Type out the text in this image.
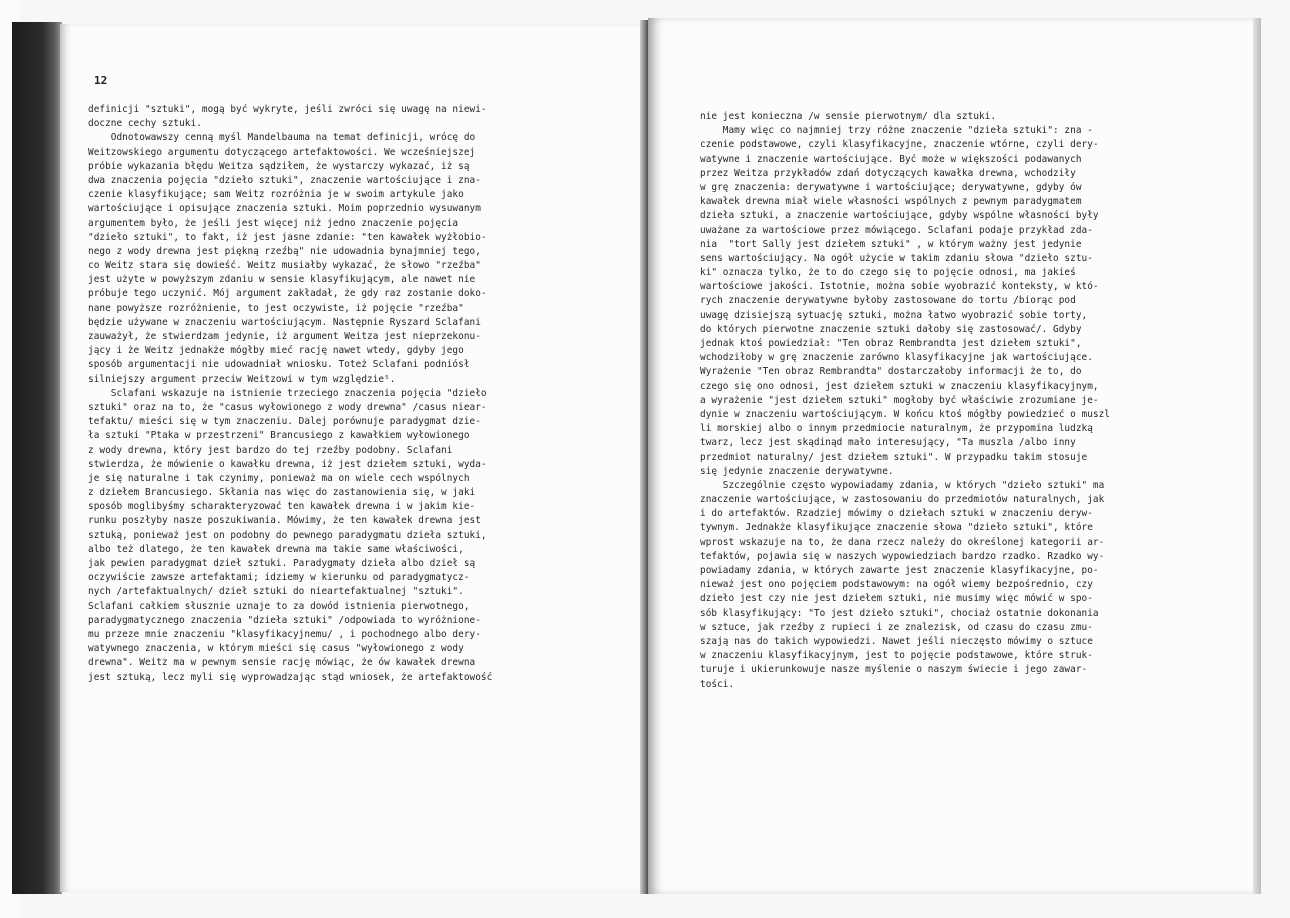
12
definicji "sztuki", mogą być wykryte, jeśli zwróci się uwagę na niewi-
doczne cechy sztuki.
Odnotowawszy cenną myśl Mandelbauma na temat definicji, wrócę do
Weitzowskiego argumentu dotyczącego artefaktowości. We wcześniejszej
próbie wykazania błędu Weitza sądziłem, że wystarczy wykazać, iż są
dwa znaczenia pojęcia "dzieło sztuki", znaczenie wartościujące i zna-
czenie klasyfikujące; sam Weitz rozróżnia je w swoim artykule jako
wartościujące i opisujące znaczenia sztuki. Moim poprzednio wysuwanym
argumentem było, że jeśli jest więcej niż jedno znaczenie pojęcia
"dzieło sztuki", to fakt, iż jest jasne zdanie: "ten kawałek wyżłobio-
nego z wody drewna jest piękną rzeźbą" nie udowadnia bynajmniej tego,
co Weitz stara się dowieść. Weitz musiałby wykazać, że słowo "rzeźba"
jest użyte w powyższym zdaniu w sensie klasyfikującym, ale nawet nie
próbuje tego uczynić. Mój argument zakładał, że gdy raz zostanie doko-
nane powyższe rozróżnienie, to jest oczywiste, iż pojęcie "rzeźba"
będzie używane w znaczeniu wartościującym. Następnie Ryszard Sclafani
zauważył, że stwierdzam jedynie, iż argument Weitza jest nieprzekonu-
jący i że Weitz jednakże mógłby mieć rację nawet wtedy, gdyby jego
sposób argumentacji nie udowadniał wniosku. Toteż Sclafani podniósł
silniejszy argument przeciw Weitzowi w tym względzie⁵.
Sclafani wskazuje na istnienie trzeciego znaczenia pojęcia "dzieło
sztuki" oraz na to, że "casus wyłowionego z wody drewna" /casus niear-
tefaktu/ mieści się w tym znaczeniu. Dalej porównuje paradygmat dzie-
ła sztuki "Ptaka w przestrzeni" Brancusiego z kawałkiem wyłowionego
z wody drewna, który jest bardzo do tej rzeźby podobny. Sclafani
stwierdza, że mówienie o kawałku drewna, iż jest dziełem sztuki, wyda-
je się naturalne i tak czynimy, ponieważ ma on wiele cech wspólnych
z dziełem Brancusiego. Skłania nas więc do zastanowienia się, w jaki
sposób moglibyśmy scharakteryzować ten kawałek drewna i w jakim kie-
runku poszłyby nasze poszukiwania. Mówimy, że ten kawałek drewna jest
sztuką, ponieważ jest on podobny do pewnego paradygmatu dzieła sztuki,
albo też dlatego, że ten kawałek drewna ma takie same właściwości,
jak pewien paradygmat dzieł sztuki. Paradygmaty dzieła albo dzieł są
oczywiście zawsze artefaktami; idziemy w kierunku od paradygmatycz-
nych /artefaktualnych/ dzieł sztuki do nieartefaktualnej "sztuki".
Sclafani całkiem słusznie uznaje to za dowód istnienia pierwotnego,
paradygmatycznego znaczenia "dzieła sztuki" /odpowiada to wyróżnione-
mu przeze mnie znaczeniu "klasyfikacyjnemu/ , i pochodnego albo dery-
watywnego znaczenia, w którym mieści się casus "wyłowionego z wody
drewna". Weitz ma w pewnym sensie rację mówiąc, że ów kawałek drewna
jest sztuką, lecz myli się wyprowadzając stąd wniosek, że artefaktowość
nie jest konieczna /w sensie pierwotnym/ dla sztuki.
Mamy więc co najmniej trzy różne znaczenie "dzieła sztuki": zna -
czenie podstawowe, czyli klasyfikacyjne, znaczenie wtórne, czyli dery-
watywne i znaczenie wartościujące. Być może w większości podawanych
przez Weitza przykładów zdań dotyczących kawałka drewna, wchodziły
w grę znaczenia: derywatywne i wartościujące; derywatywne, gdyby ów
kawałek drewna miał wiele własności wspólnych z pewnym paradygmatem
dzieła sztuki, a znaczenie wartościujące, gdyby wspólne własności były
uważane za wartościowe przez mówiącego. Sclafani podaje przykład zda-
nia  "tort Sally jest dziełem sztuki" , w którym ważny jest jedynie
sens wartościujący. Na ogół użycie w takim zdaniu słowa "dzieło sztu-
ki" oznacza tylko, że to do czego się to pojęcie odnosi, ma jakieś
wartościowe jakości. Istotnie, można sobie wyobrazić konteksty, w któ-
rych znaczenie derywatywne byłoby zastosowane do tortu /biorąc pod
uwagę dzisiejszą sytuację sztuki, można łatwo wyobrazić sobie torty,
do których pierwotne znaczenie sztuki dałoby się zastosować/. Gdyby
jednak ktoś powiedział: "Ten obraz Rembrandta jest dziełem sztuki",
wchodziłoby w grę znaczenie zarówno klasyfikacyjne jak wartościujące.
Wyrażenie "Ten obraz Rembrandta" dostarczałoby informacji że to, do
czego się ono odnosi, jest dziełem sztuki w znaczeniu klasyfikacyjnym,
a wyrażenie "jest dziełem sztuki" mogłoby być właściwie zrozumiane je-
dynie w znaczeniu wartościującym. W końcu ktoś mógłby powiedzieć o muszl
li morskiej albo o innym przedmiocie naturalnym, że przypomina ludzką
twarz, lecz jest skądinąd mało interesujący, "Ta muszla /albo inny
przedmiot naturalny/ jest dziełem sztuki". W przypadku takim stosuje
się jedynie znaczenie derywatywne.
Szczególnie często wypowiadamy zdania, w których "dzieło sztuki" ma
znaczenie wartościujące, w zastosowaniu do przedmiotów naturalnych, jak
i do artefaktów. Rzadziej mówimy o dziełach sztuki w znaczeniu deryw-
tywnym. Jednakże klasyfikujące znaczenie słowa "dzieło sztuki", które
wprost wskazuje na to, że dana rzecz należy do określonej kategorii ar-
tefaktów, pojawia się w naszych wypowiedziach bardzo rzadko. Rzadko wy-
powiadamy zdania, w których zawarte jest znaczenie klasyfikacyjne, po-
nieważ jest ono pojęciem podstawowym: na ogół wiemy bezpośrednio, czy
dzieło jest czy nie jest dziełem sztuki, nie musimy więc mówić w spo-
sób klasyfikujący: "To jest dzieło sztuki", chociaż ostatnie dokonania
w sztuce, jak rzeźby z rupieci i ze znalezisk, od czasu do czasu zmu-
szają nas do takich wypowiedzi. Nawet jeśli nieczęsto mówimy o sztuce
w znaczeniu klasyfikacyjnym, jest to pojęcie podstawowe, które struk-
turuje i ukierunkowuje nasze myślenie o naszym świecie i jego zawar-
tości.
